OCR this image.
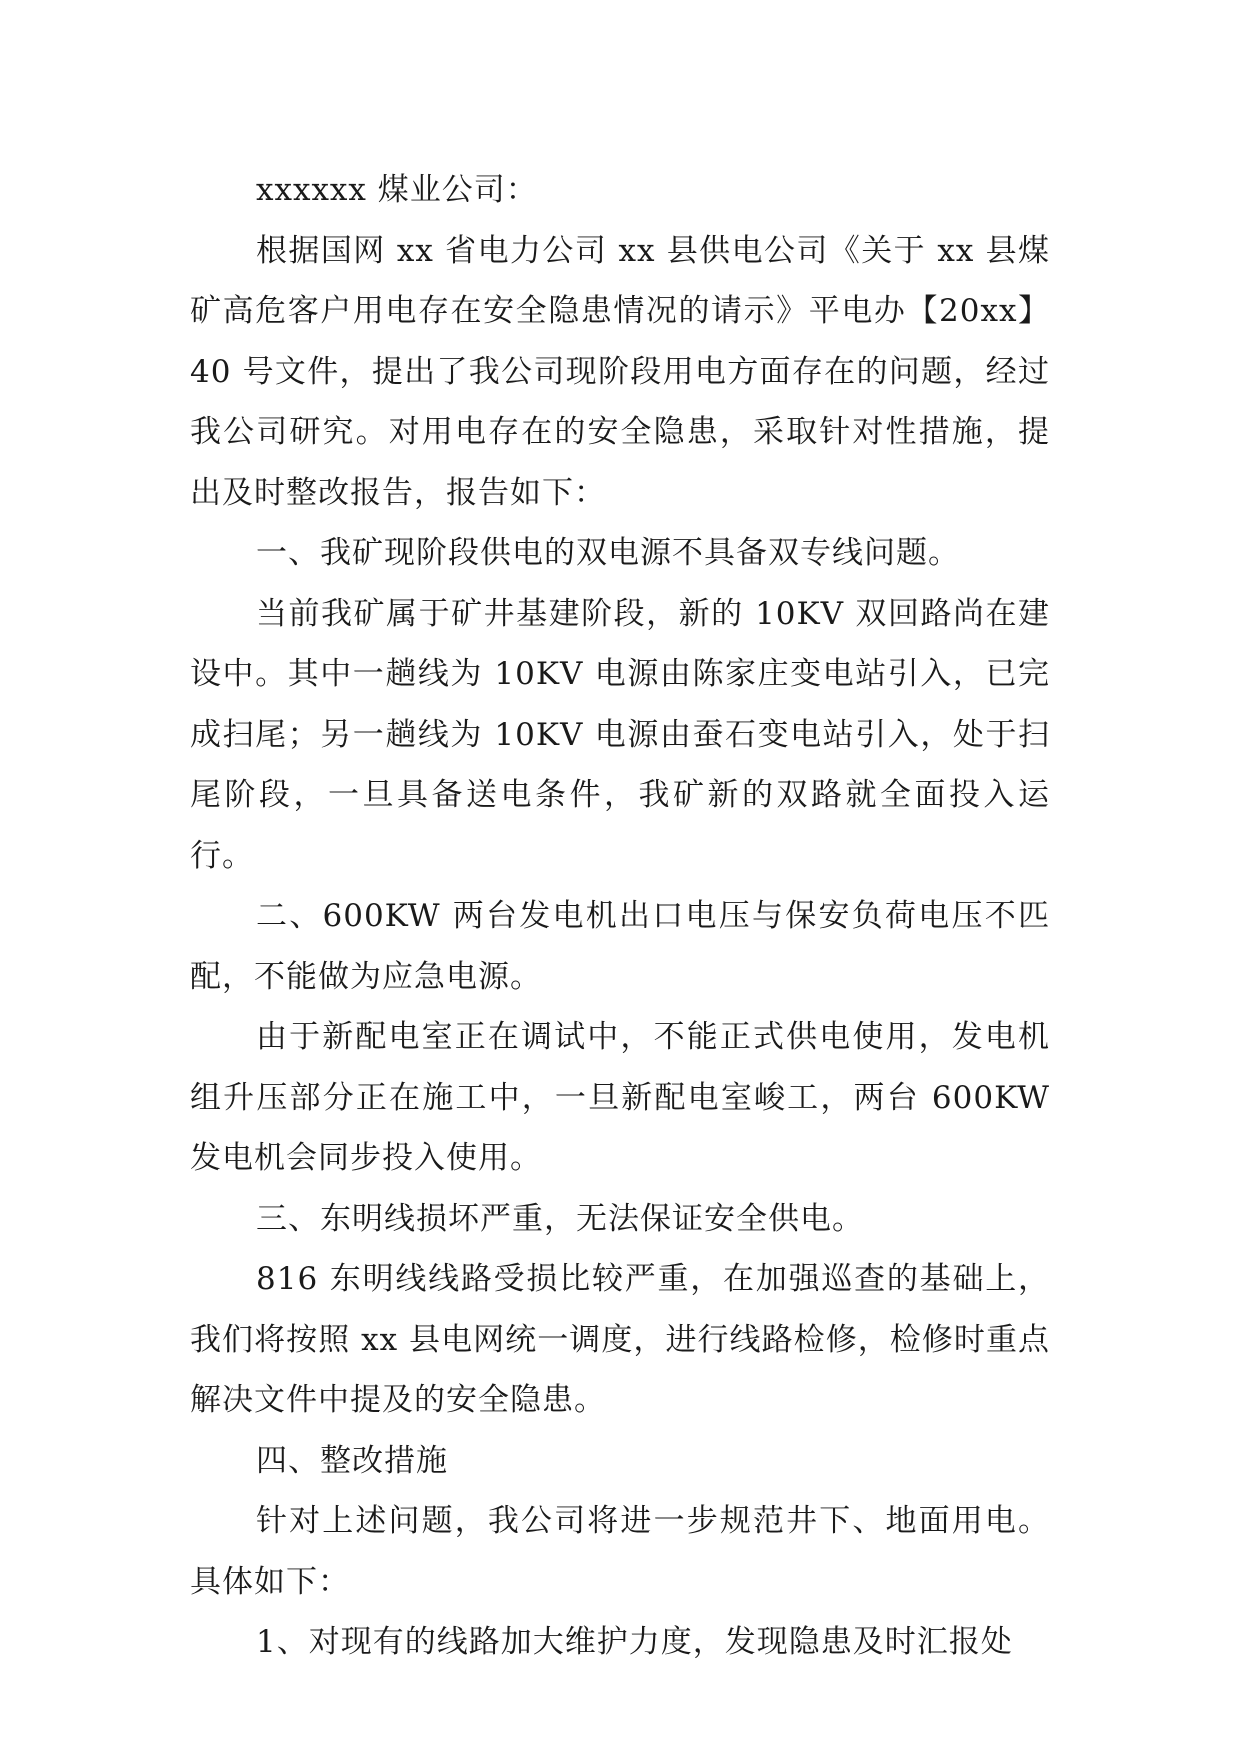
xxxxxx 煤业公司：

根据国网 xx 省电力公司 xx 县供电公司《关于 xx 县煤矿高危客户用电存在安全隐患情况的请示》平电办【20xx】40 号文件，提出了我公司现阶段用电方面存在的问题，经过我公司研究。对用电存在的安全隐患，采取针对性措施，提出及时整改报告，报告如下：

一、我矿现阶段供电的双电源不具备双专线问题。

当前我矿属于矿井基建阶段，新的 10KV 双回路尚在建设中。其中一趟线为 10KV 电源由陈家庄变电站引入，已完成扫尾；另一趟线为 10KV 电源由蚕石变电站引入，处于扫尾阶段，一旦具备送电条件，我矿新的双路就全面投入运行。

二、600KW 两台发电机出口电压与保安负荷电压不匹配，不能做为应急电源。

由于新配电室正在调试中，不能正式供电使用，发电机组升压部分正在施工中，一旦新配电室峻工，两台 600KW 发电机会同步投入使用。

三、东明线损坏严重，无法保证安全供电。

816 东明线线路受损比较严重，在加强巡查的基础上，我们将按照 xx 县电网统一调度，进行线路检修，检修时重点解决文件中提及的安全隐患。

四、整改措施

针对上述问题，我公司将进一步规范井下、地面用电。具体如下：

1、对现有的线路加大维护力度，发现隐患及时汇报处
